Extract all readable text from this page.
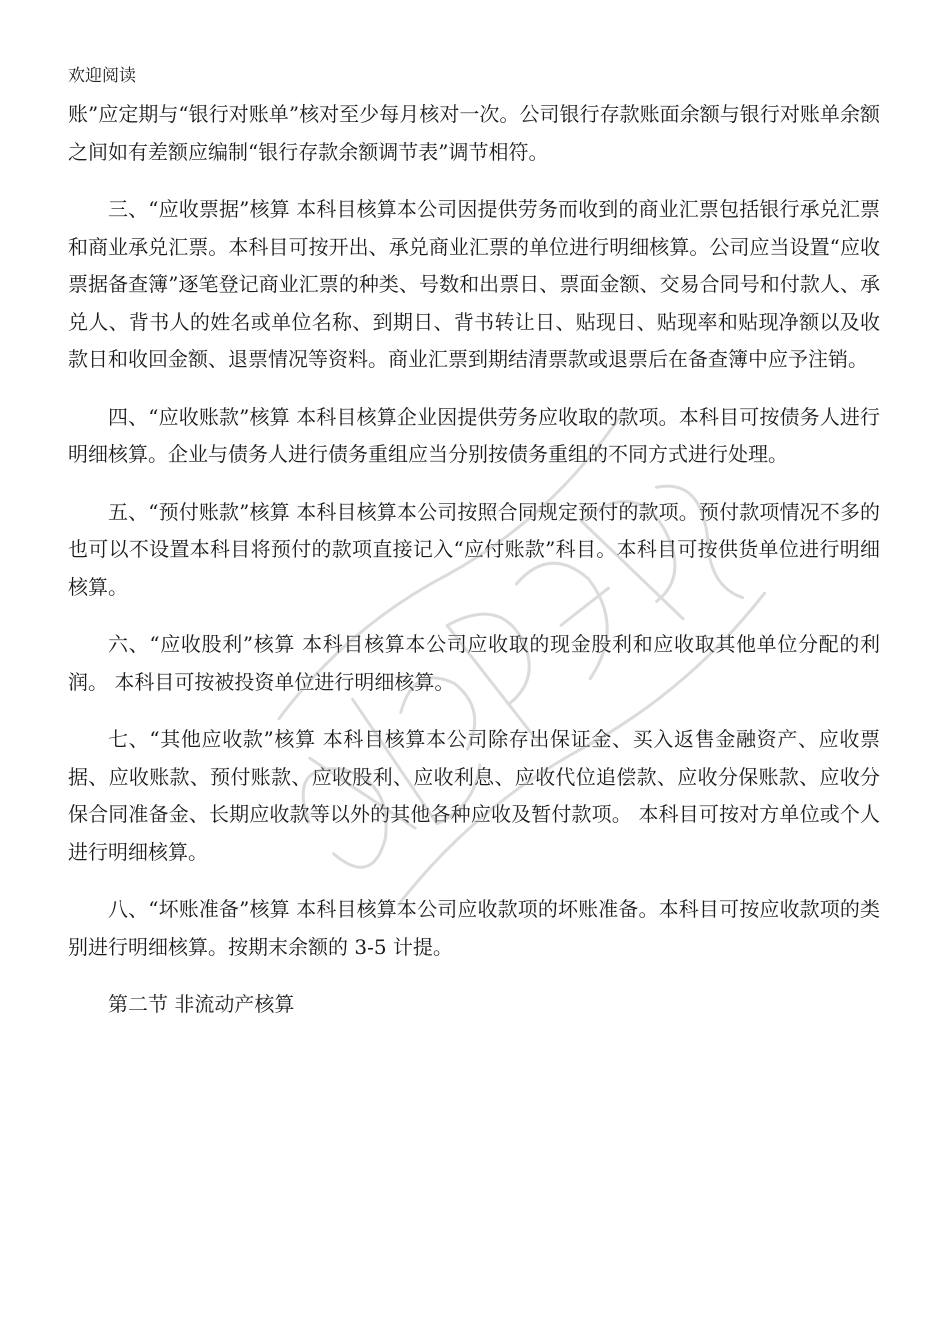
欢迎阅读

账”应定期与“银行对账单”核对至少每月核对一次。公司银行存款账面余额与银行对账单余额之间如有差额应编制“银行存款余额调节表”调节相符。

三、“应收票据”核算 本科目核算本公司因提供劳务而收到的商业汇票包括银行承兑汇票和商业承兑汇票。本科目可按开出、承兑商业汇票的单位进行明细核算。公司应当设置“应收票据备查簿”逐笔登记商业汇票的种类、号数和出票日、票面金额、交易合同号和付款人、承兑人、背书人的姓名或单位名称、到期日、背书转让日、贴现日、贴现率和贴现净额以及收款日和收回金额、退票情况等资料。商业汇票到期结清票款或退票后在备查簿中应予注销。

四、“应收账款”核算 本科目核算企业因提供劳务应收取的款项。本科目可按债务人进行明细核算。企业与债务人进行债务重组应当分别按债务重组的不同方式进行处理。

五、“预付账款”核算 本科目核算本公司按照合同规定预付的款项。预付款项情况不多的也可以不设置本科目将预付的款项直接记入“应付账款”科目。本科目可按供货单位进行明细核算。

六、“应收股利”核算 本科目核算本公司应收取的现金股利和应收取其他单位分配的利润。 本科目可按被投资单位进行明细核算。

七、“其他应收款”核算 本科目核算本公司除存出保证金、买入返售金融资产、应收票据、应收账款、预付账款、应收股利、应收利息、应收代位追偿款、应收分保账款、应收分保合同准备金、长期应收款等以外的其他各种应收及暂付款项。 本科目可按对方单位或个人进行明细核算。

八、“坏账准备”核算 本科目核算本公司应收款项的坏账准备。本科目可按应收款项的类别进行明细核算。按期末余额的 3-5 计提。

第二节 非流动产核算
